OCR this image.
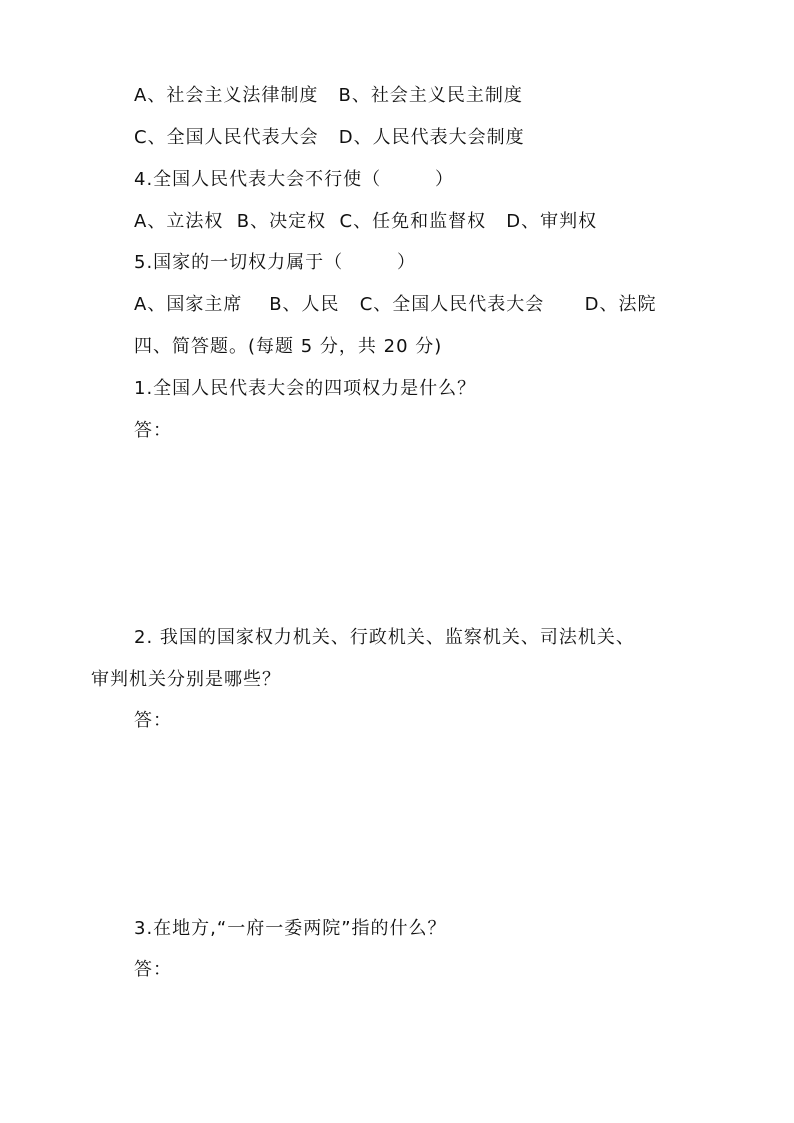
A、社会主义法律制度   B、社会主义民主制度
C、全国人民代表大会   D、人民代表大会制度
4.全国人民代表大会不行使（        ）
A、立法权  B、决定权  C、任免和监督权   D、审判权
5.国家的一切权力属于（        ）
A、国家主席    B、人民   C、全国人民代表大会      D、法院
四、简答题。(每题 5 分，共 20 分)
1.全国人民代表大会的四项权力是什么？
答：
2. 我国的国家权力机关、行政机关、监察机关、司法机关、
审判机关分别是哪些？
答：
3.在地方,“一府一委两院”指的什么？
答：
